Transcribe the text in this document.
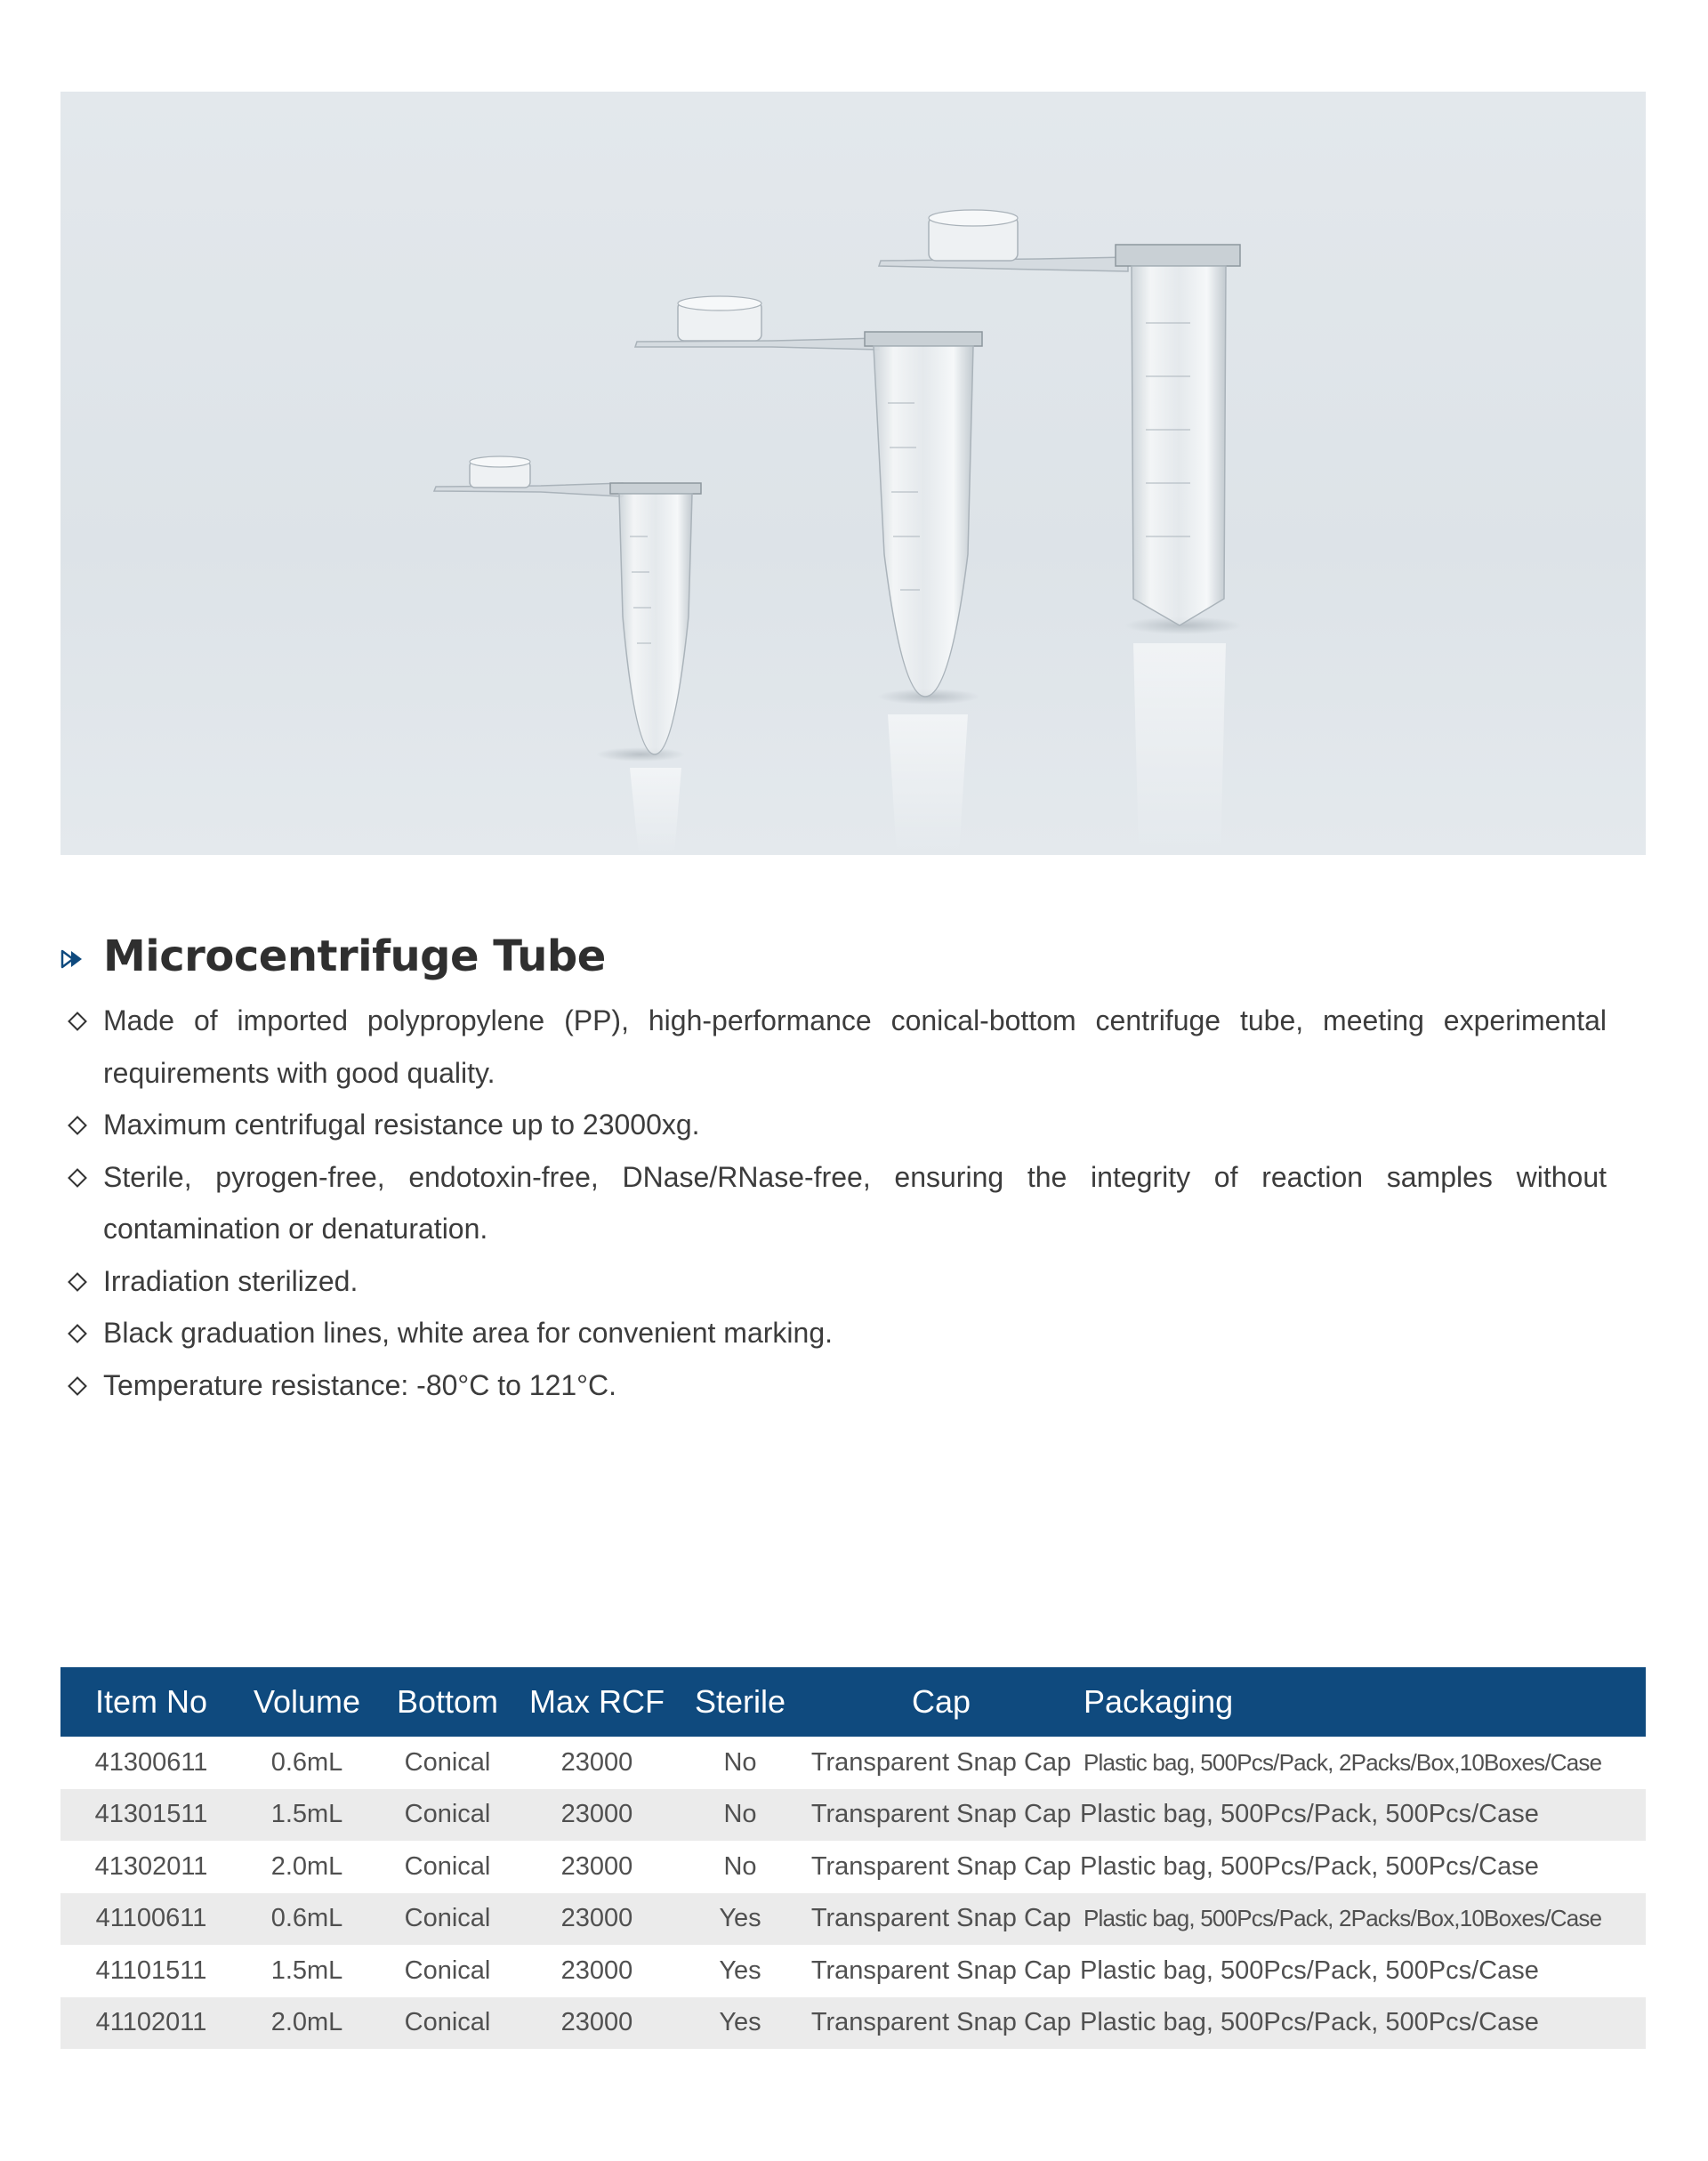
Microcentrifuge Tube
Made of imported polypropylene (PP), high-performance conical-bottom centrifuge tube, meeting experimental requirements with good quality.
Maximum centrifugal resistance up to 23000xg.
Sterile, pyrogen-free, endotoxin-free, DNase/RNase-free, ensuring the integrity of reaction samples without contamination or denaturation.
Irradiation sterilized.
Black graduation lines, white area for convenient marking.
Temperature resistance: -80°C to 121°C.
Item No	Volume	Bottom	Max RCF	Sterile	Cap	Packaging
41300611	0.6mL	Conical	23000	No	Transparent Snap Cap	Plastic bag, 500Pcs/Pack, 2Packs/Box,10Boxes/Case
41301511	1.5mL	Conical	23000	No	Transparent Snap Cap	Plastic bag, 500Pcs/Pack, 500Pcs/Case
41302011	2.0mL	Conical	23000	No	Transparent Snap Cap	Plastic bag, 500Pcs/Pack, 500Pcs/Case
41100611	0.6mL	Conical	23000	Yes	Transparent Snap Cap	Plastic bag, 500Pcs/Pack, 2Packs/Box,10Boxes/Case
41101511	1.5mL	Conical	23000	Yes	Transparent Snap Cap	Plastic bag, 500Pcs/Pack, 500Pcs/Case
41102011	2.0mL	Conical	23000	Yes	Transparent Snap Cap	Plastic bag, 500Pcs/Pack, 500Pcs/Case
